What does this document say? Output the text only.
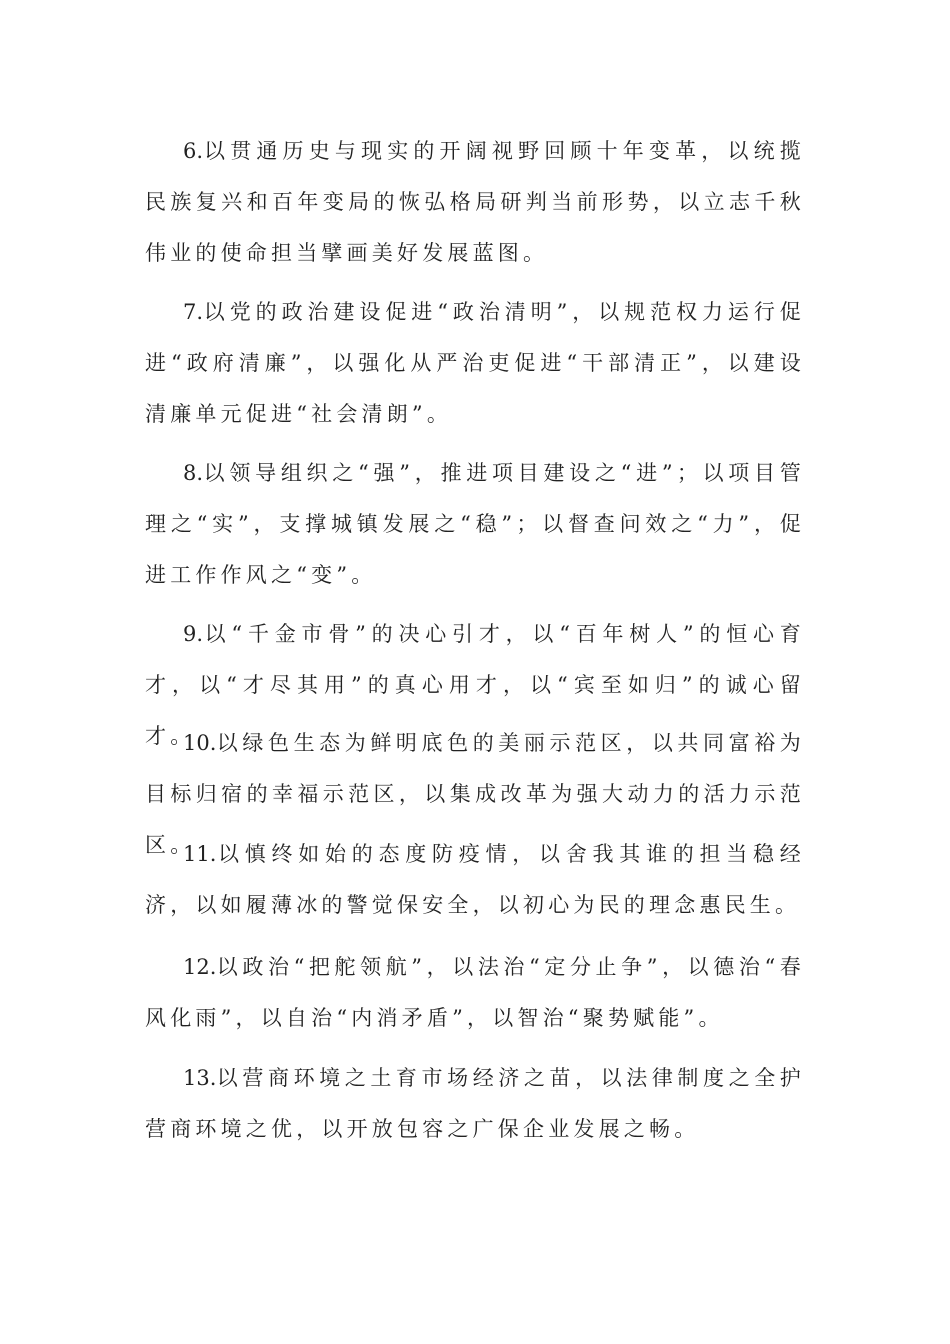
6.以贯通历史与现实的开阔视野回顾十年变革，以统揽民族复兴和百年变局的恢弘格局研判当前形势，以立志千秋伟业的使命担当擘画美好发展蓝图。

7.以党的政治建设促进“政治清明”，以规范权力运行促进“政府清廉”，以强化从严治吏促进“干部清正”，以建设清廉单元促进“社会清朗”。

8.以领导组织之“强”，推进项目建设之“进”；以项目管理之“实”，支撑城镇发展之“稳”；以督查问效之“力”，促进工作作风之“变”。

9.以“千金市骨”的决心引才，以“百年树人”的恒心育才，以“才尽其用”的真心用才，以“宾至如归”的诚心留才。

10.以绿色生态为鲜明底色的美丽示范区，以共同富裕为目标归宿的幸福示范区，以集成改革为强大动力的活力示范区。

11.以慎终如始的态度防疫情，以舍我其谁的担当稳经济，以如履薄冰的警觉保安全，以初心为民的理念惠民生。

12.以政治“把舵领航”，以法治“定分止争”，以德治“春风化雨”，以自治“内消矛盾”，以智治“聚势赋能”。

13.以营商环境之土育市场经济之苗，以法律制度之全护营商环境之优，以开放包容之广保企业发展之畅。
